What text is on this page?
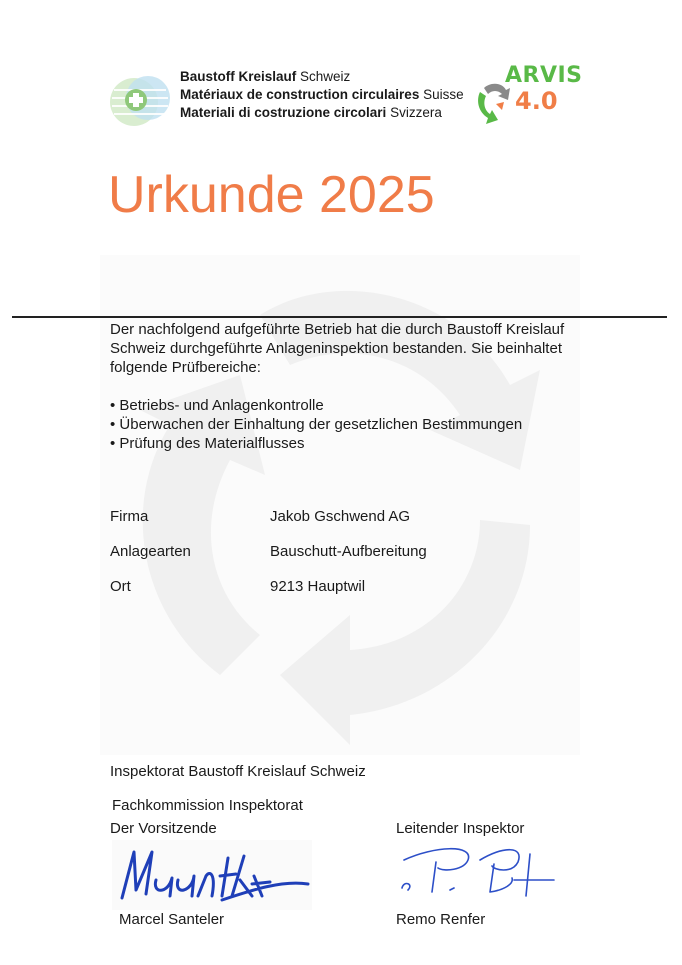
Baustoff Kreislauf Schweiz
Matériaux de construction circulaires Suisse
Materiali di costruzione circolari Svizzera
ARVIS
4.0
Urkunde 2025
Der nachfolgend aufgeführte Betrieb hat die durch Baustoff Kreislauf Schweiz durchgeführte Anlageninspektion bestanden. Sie beinhaltet folgende Prüfbereiche:
• Betriebs- und Anlagenkontrolle
• Überwachen der Einhaltung der gesetzlichen Bestimmungen
• Prüfung des Materialflusses
Firma	Jakob Gschwend AG
Anlagearten	Bauschutt-Aufbereitung
Ort	9213 Hauptwil
Inspektorat Baustoff Kreislauf Schweiz
Fachkommission Inspektorat
Der Vorsitzende	Leitender Inspektor
Marcel Santeler	Remo Renfer
